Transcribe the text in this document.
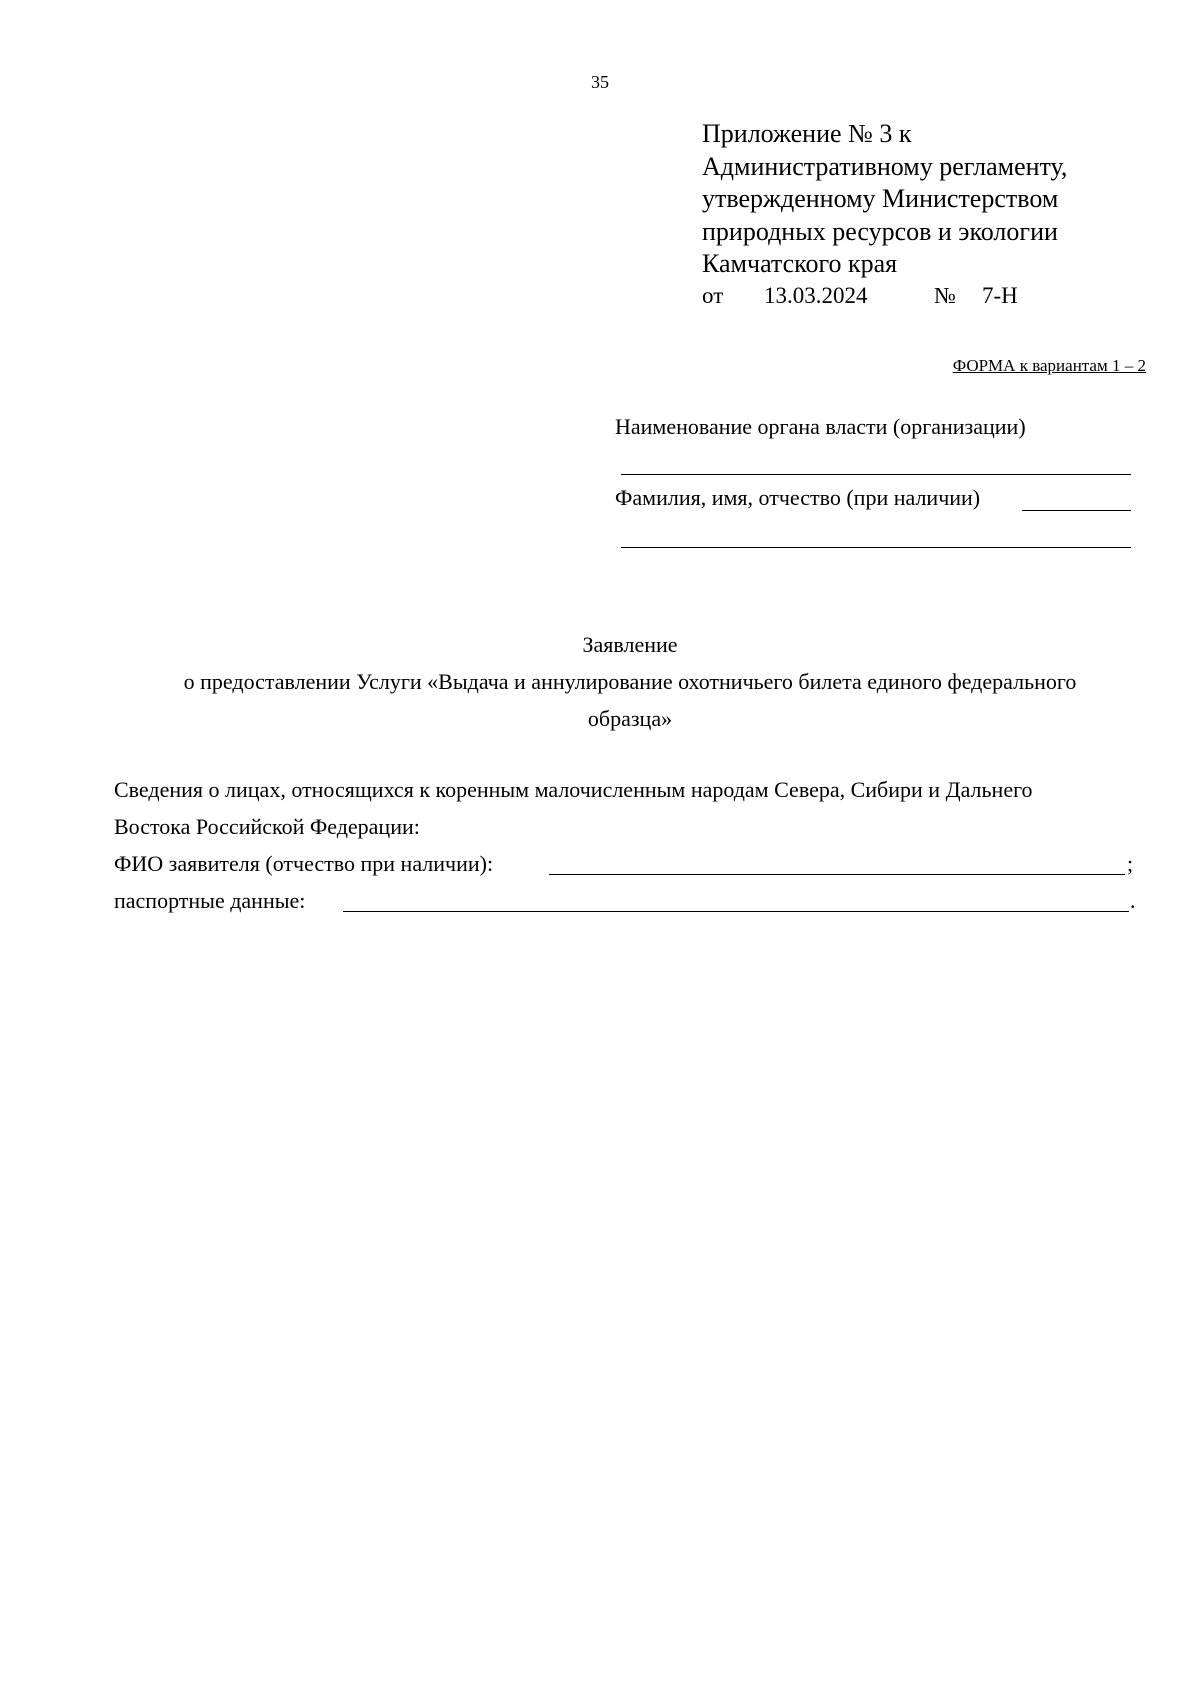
35
Приложение № 3 к
Административному регламенту,
утвержденному Министерством
природных ресурсов и экологии
Камчатского края
от 13.03.2024	№ 7-Н
ФОРМА к вариантам 1 – 2
Наименование органа власти (организации)
Фамилия, имя, отчество (при наличии)
Заявление
о предоставлении Услуги «Выдача и аннулирование охотничьего билета единого федерального
образца»
Сведения о лицах, относящихся к коренным малочисленным народам Севера, Сибири и Дальнего
Востока Российской Федерации:
ФИО заявителя (отчество при наличии):	;
паспортные данные:	.
